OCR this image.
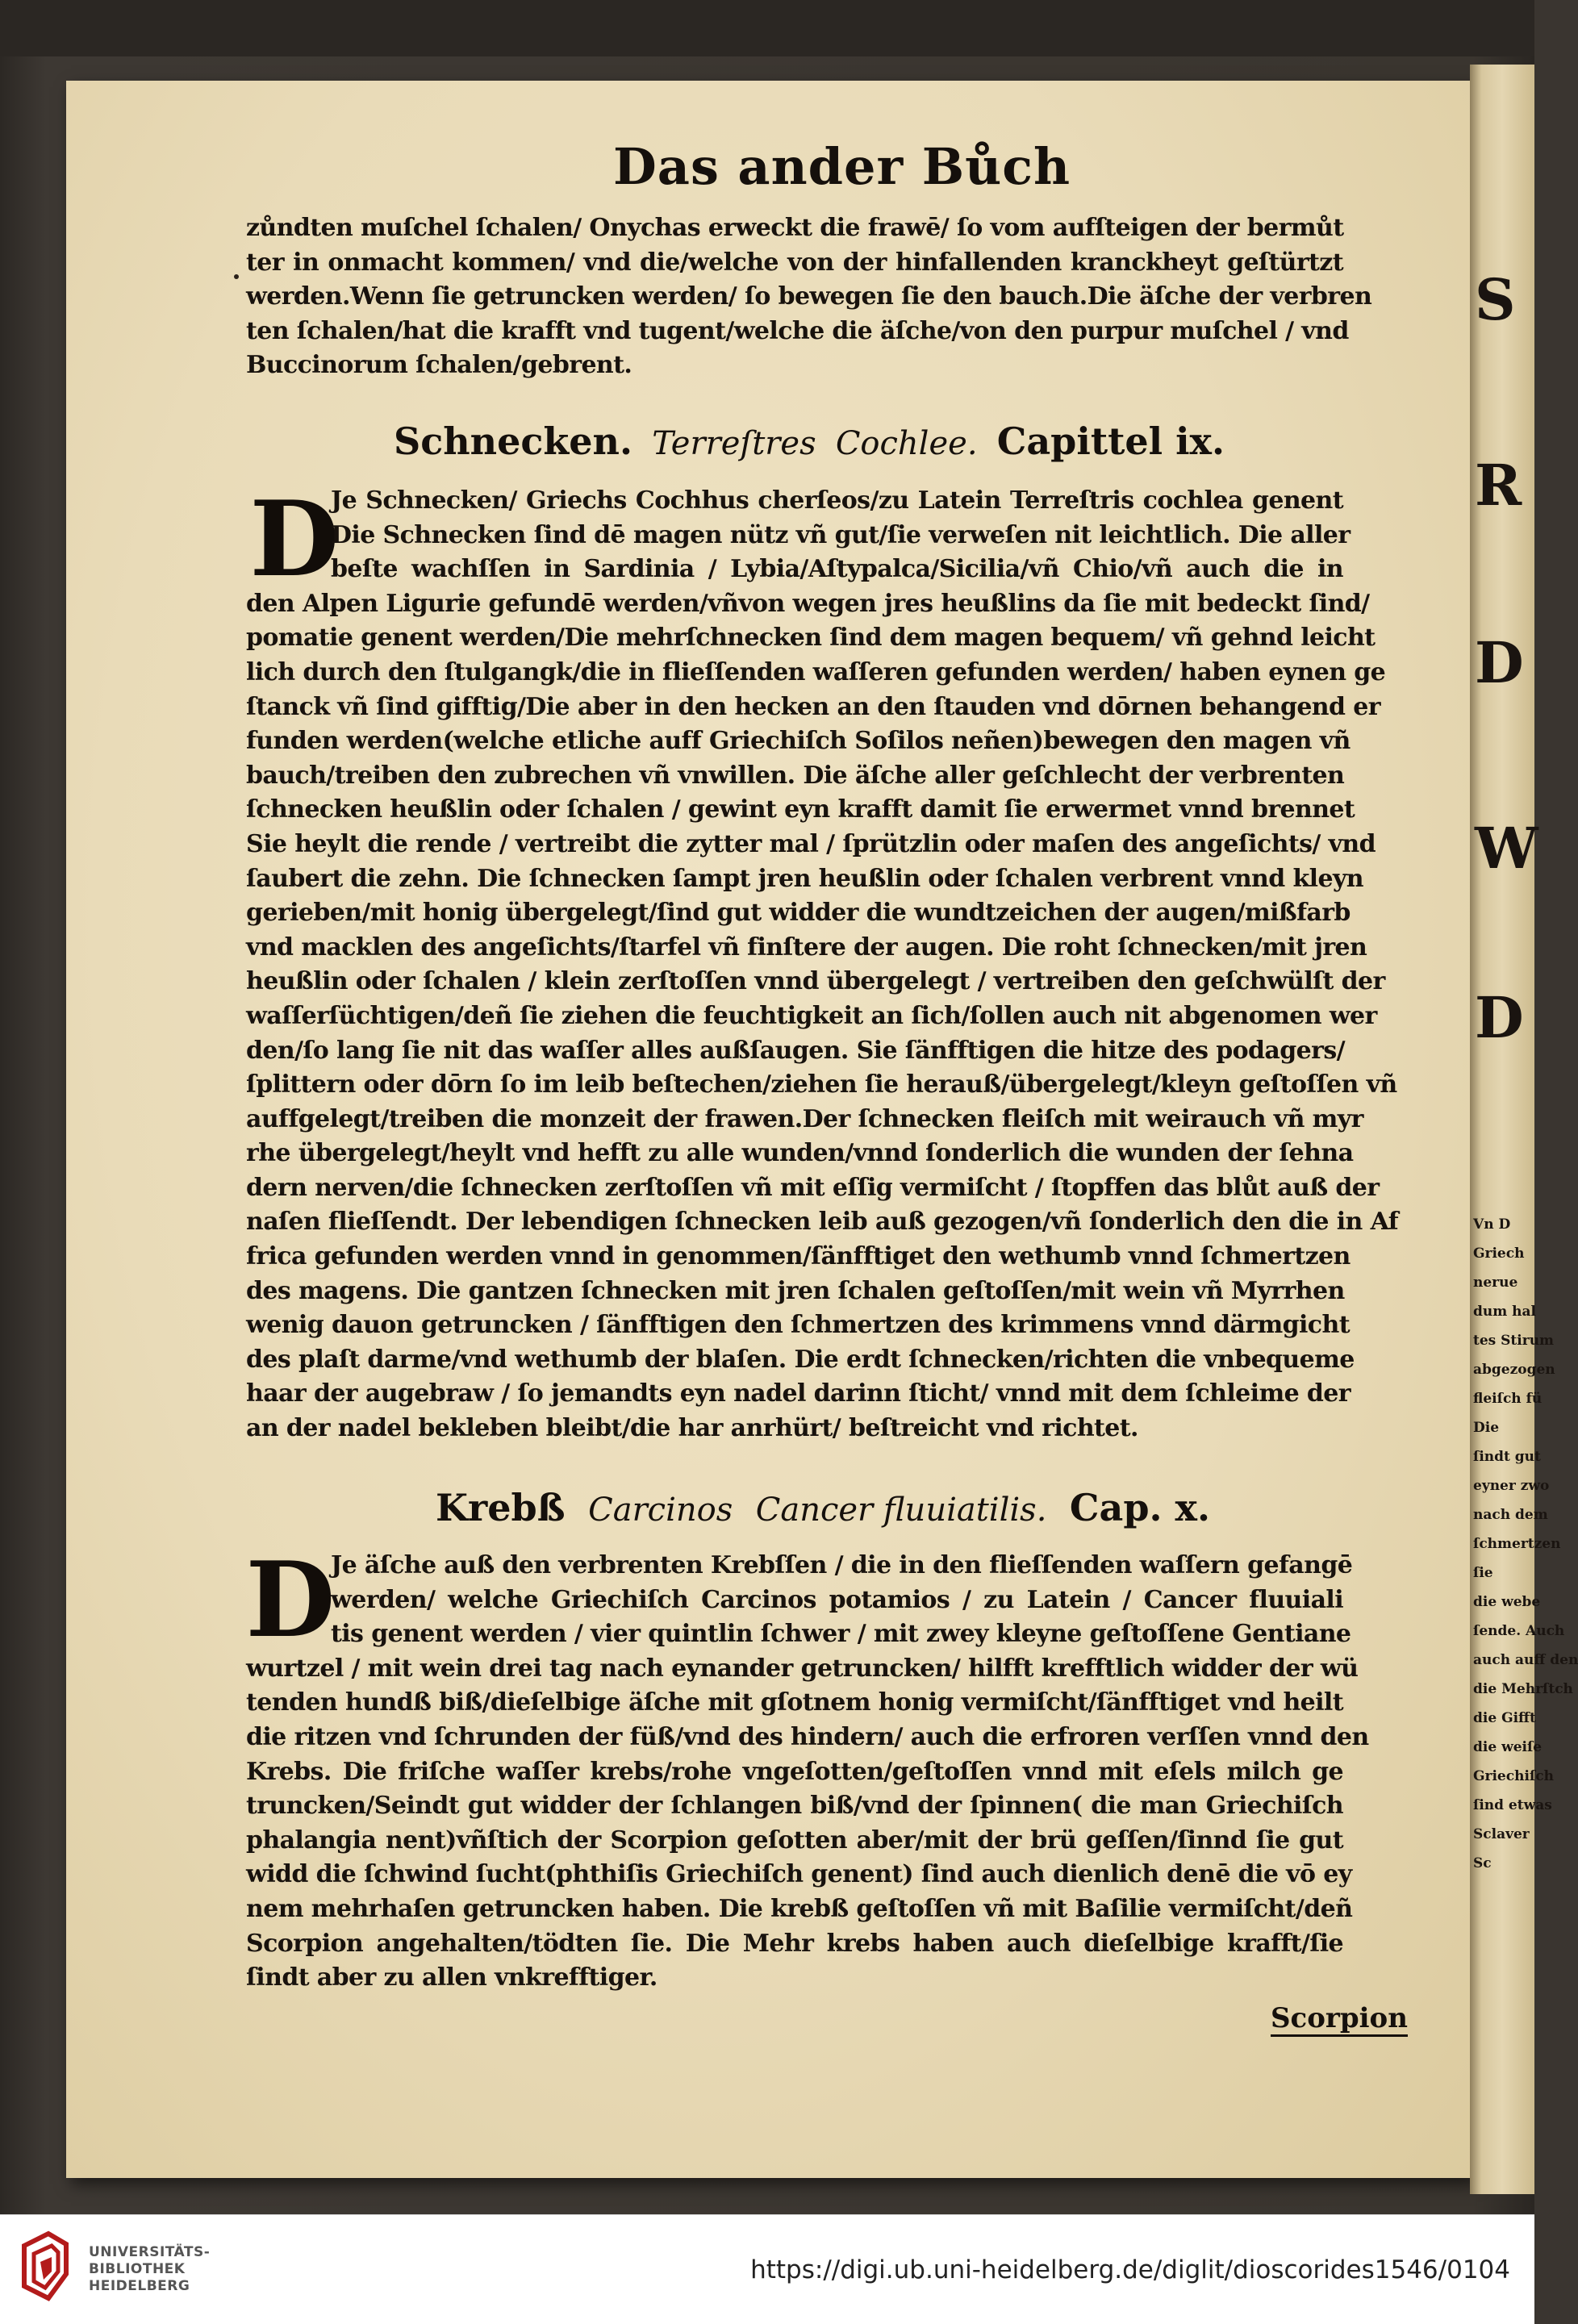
S
R
D
W
D
Vn D
Griech
nerue
dum hal
tes Stirum
abgezogen
fleiſch fü
Die
ſindt gut
eyner zwo
nach dem
ſchmertzen
ſie
die webe
ſende. Auch
auch auff den
die Mehrſtch
die Gifft
die weiſe
Griechiſch
ſind etwas
Sclaver
Sc
Das ander Bůch
zůndten muſchel ſchalen/ Onychas erweckt die frawē/ ſo vom aufſteigen der bermůt
ter in onmacht kommen/ vnd die/welche von der hinfallenden kranckheyt geſtürtzt
werden.Wenn ſie getruncken werden/ ſo bewegen ſie den bauch.Die äſche der verbren
ten ſchalen/hat die krafft vnd tugent/welche die äſche/von den purpur muſchel / vnd
Buccinorum ſchalen/gebrent.
Schnecken. Terreſtres Cochlee. Capittel ix.
D
Je Schnecken/ Griechs Cochhus cherſeos/zu Latein Terreſtris cochlea genent
Die Schnecken ſind dē magen nütz vñ gut/ſie verweſen nit leichtlich. Die aller
beſte wachſſen in Sardinia / Lybia/Aſtypalca/Sicilia/vñ Chio/vñ auch die in
den Alpen Ligurie gefundē werden/vñvon wegen jres heußlins da ſie mit bedeckt ſind/
pomatie genent werden/Die mehrſchnecken ſind dem magen bequem/ vñ gehnd leicht
lich durch den ſtulgangk/die in flieſſenden waſſeren gefunden werden/ haben eynen ge
ſtanck vñ ſind gifftig/Die aber in den hecken an den ſtauden vnd dōrnen behangend er
funden werden(welche etliche auff Griechiſch Soſilos neñen)bewegen den magen vñ
bauch/treiben den zubrechen vñ vnwillen. Die äſche aller geſchlecht der verbrenten
ſchnecken heußlin oder ſchalen / gewint eyn krafft damit ſie erwermet vnnd brennet
Sie heylt die rende / vertreibt die zytter mal / ſprützlin oder maſen des angeſichts/ vnd
ſaubert die zehn. Die ſchnecken ſampt jren heußlin oder ſchalen verbrent vnnd kleyn
gerieben/mit honig übergelegt/ſind gut widder die wundtzeichen der augen/mißfarb
vnd macklen des angeſichts/ſtarfel vñ finſtere der augen. Die roht ſchnecken/mit jren
heußlin oder ſchalen / klein zerſtoſſen vnnd übergelegt / vertreiben den geſchwülſt der
waſſerſüchtigen/deñ ſie ziehen die feuchtigkeit an ſich/ſollen auch nit abgenomen wer
den/ſo lang ſie nit das waſſer alles außſaugen. Sie ſänfftigen die hitze des podagers/
ſplittern oder dōrn ſo im leib beſtechen/ziehen ſie herauß/übergelegt/kleyn geſtoſſen vñ
auffgelegt/treiben die monzeit der frawen.Der ſchnecken fleiſch mit weirauch vñ myr
rhe übergelegt/heylt vnd hefft zu alle wunden/vnnd ſonderlich die wunden der ſehna
dern nerven/die ſchnecken zerſtoſſen vñ mit eſſig vermiſcht / ſtopffen das blůt auß der
naſen flieſſendt. Der lebendigen ſchnecken leib auß gezogen/vñ ſonderlich den die in Af
frica gefunden werden vnnd in genommen/ſänfftiget den wethumb vnnd ſchmertzen
des magens. Die gantzen ſchnecken mit jren ſchalen geſtoſſen/mit wein vñ Myrrhen
wenig dauon getruncken / ſänfftigen den ſchmertzen des krimmens vnnd därmgicht
des plaſt darme/vnd wethumb der blaſen. Die erdt ſchnecken/richten die vnbequeme
haar der augebraw / ſo jemandts eyn nadel darinn ſticht/ vnnd mit dem ſchleime der
an der nadel bekleben bleibt/die har anrhürt/ beſtreicht vnd richtet.
Krebß Carcinos Cancer fluuiatilis. Cap. x.
D
Je äſche auß den verbrenten Krebſſen / die in den flieſſenden waſſern gefangē
werden/ welche Griechiſch Carcinos potamios / zu Latein / Cancer fluuiali
tis genent werden / vier quintlin ſchwer / mit zwey kleyne geſtoſſene Gentiane
wurtzel / mit wein drei tag nach eynander getruncken/ hilfft krefftlich widder der wü
tenden hundß biß/dieſelbige äſche mit gſotnem honig vermiſcht/ſänfftiget vnd heilt
die ritzen vnd ſchrunden der füß/vnd des hindern/ auch die erfroren verſſen vnnd den
Krebs. Die friſche waſſer krebs/rohe vngeſotten/geſtoſſen vnnd mit eſels milch ge
truncken/Seindt gut widder der ſchlangen biß/vnd der ſpinnen( die man Griechiſch
phalangia nent)vñſtich der Scorpion geſotten aber/mit der brü geſſen/ſinnd ſie gut
widd die ſchwind ſucht(phthiſis Griechiſch genent) ſind auch dienlich denē die vō ey
nem mehrhaſen getruncken haben. Die krebß geſtoſſen vñ mit Baſilie vermiſcht/deñ
Scorpion angehalten/tödten ſie. Die Mehr krebs haben auch dieſelbige krafft/ſie
ſindt aber zu allen vnkrefftiger.
Scorpion
UNIVERSITÄTS-
BIBLIOTHEK
HEIDELBERG
https://digi.ub.uni-heidelberg.de/diglit/dioscorides1546/0104
